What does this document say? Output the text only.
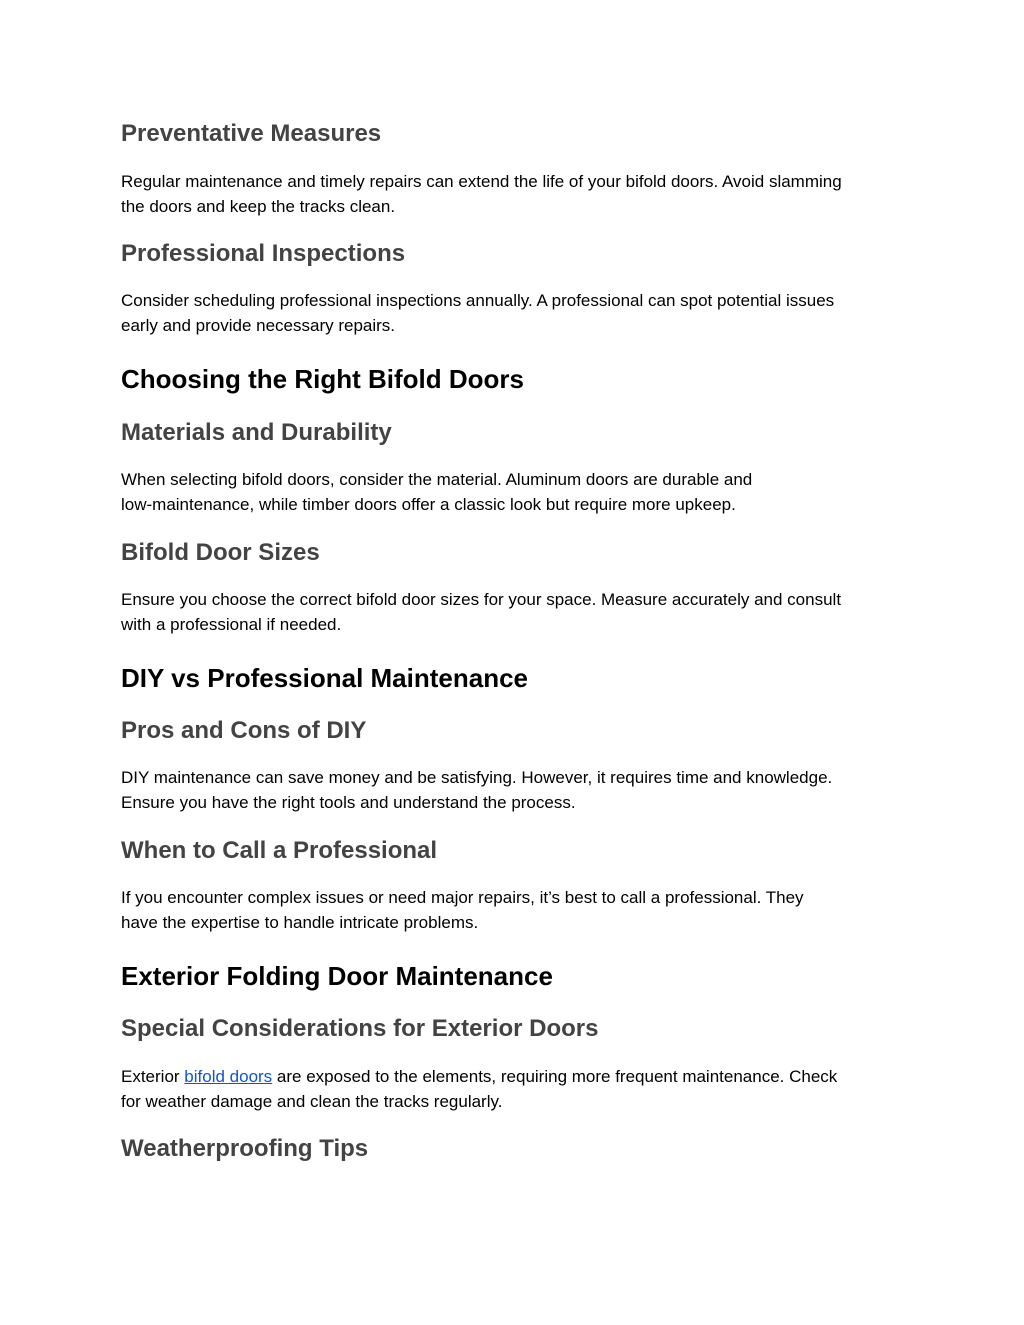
Preventative Measures

Regular maintenance and timely repairs can extend the life of your bifold doors. Avoid slamming
the doors and keep the tracks clean.

Professional Inspections

Consider scheduling professional inspections annually. A professional can spot potential issues
early and provide necessary repairs.

Choosing the Right Bifold Doors
Materials and Durability

When selecting bifold doors, consider the material. Aluminum doors are durable and
low-maintenance, while timber doors offer a classic look but require more upkeep.

Bifold Door Sizes

Ensure you choose the correct bifold door sizes for your space. Measure accurately and consult
with a professional if needed.

DIY vs Professional Maintenance
Pros and Cons of DIY

DIY maintenance can save money and be satisfying. However, it requires time and knowledge.
Ensure you have the right tools and understand the process.

When to Call a Professional

If you encounter complex issues or need major repairs, it’s best to call a professional. They
have the expertise to handle intricate problems.

Exterior Folding Door Maintenance
Special Considerations for Exterior Doors

Exterior bifold doors are exposed to the elements, requiring more frequent maintenance. Check
for weather damage and clean the tracks regularly.

Weatherproofing Tips
